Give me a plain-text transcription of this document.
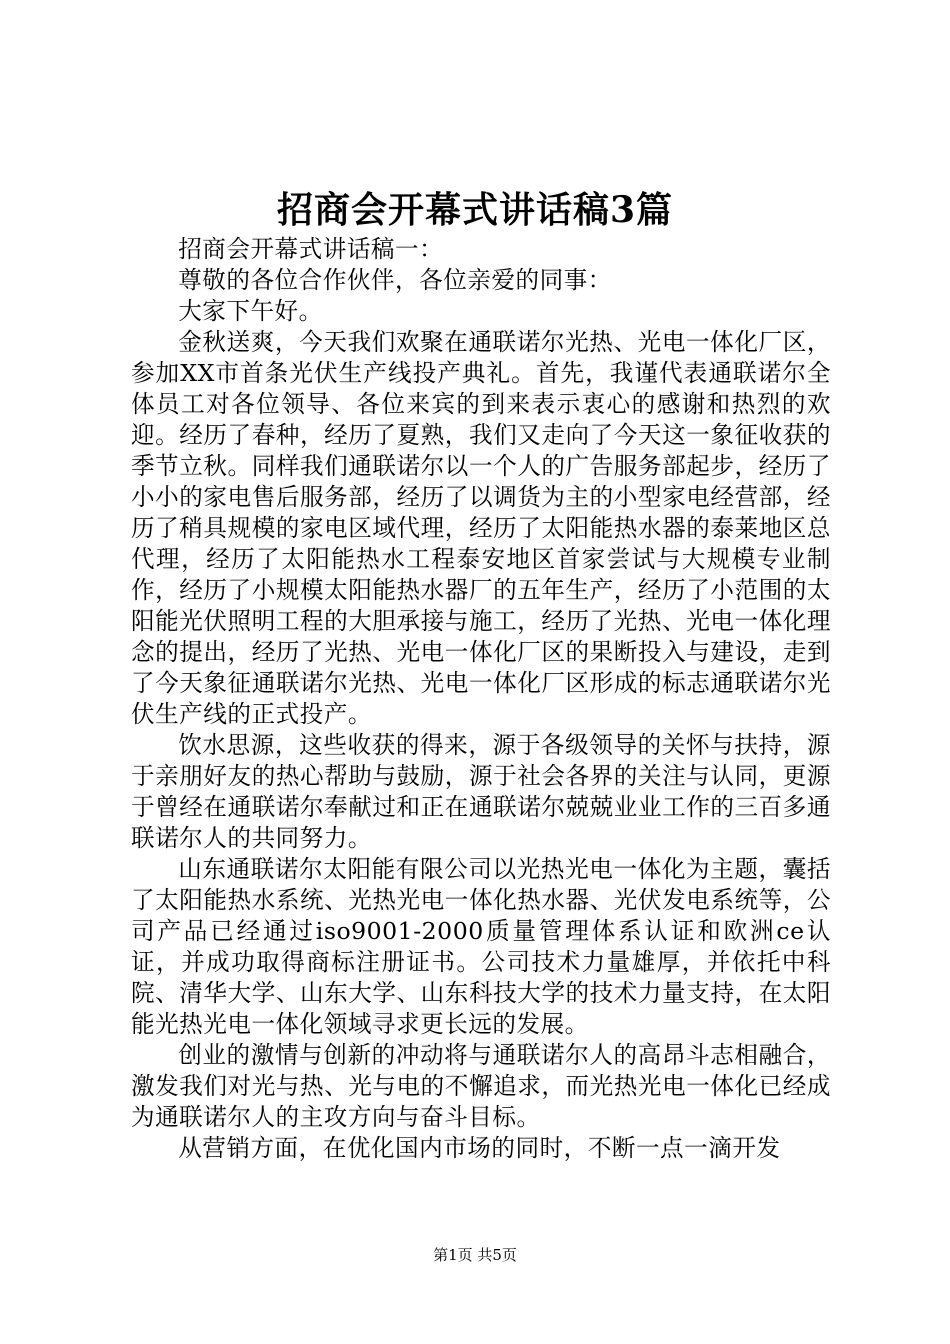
招商会开幕式讲话稿3篇

招商会开幕式讲话稿一：

尊敬的各位合作伙伴，各位亲爱的同事：

大家下午好。

金秋送爽，今天我们欢聚在通联诺尔光热、光电一体化厂区，参加XX市首条光伏生产线投产典礼。首先，我谨代表通联诺尔全体员工对各位领导、各位来宾的到来表示衷心的感谢和热烈的欢迎。经历了春种，经历了夏熟，我们又走向了今天这一象征收获的季节立秋。同样我们通联诺尔以一个人的广告服务部起步，经历了小小的家电售后服务部，经历了以调货为主的小型家电经营部，经历了稍具规模的家电区域代理，经历了太阳能热水器的泰莱地区总代理，经历了太阳能热水工程泰安地区首家尝试与大规模专业制作，经历了小规模太阳能热水器厂的五年生产，经历了小范围的太阳能光伏照明工程的大胆承接与施工，经历了光热、光电一体化理念的提出，经历了光热、光电一体化厂区的果断投入与建设，走到了今天象征通联诺尔光热、光电一体化厂区形成的标志通联诺尔光伏生产线的正式投产。

饮水思源，这些收获的得来，源于各级领导的关怀与扶持，源于亲朋好友的热心帮助与鼓励，源于社会各界的关注与认同，更源于曾经在通联诺尔奉献过和正在通联诺尔兢兢业业工作的三百多通联诺尔人的共同努力。

山东通联诺尔太阳能有限公司以光热光电一体化为主题，囊括了太阳能热水系统、光热光电一体化热水器、光伏发电系统等，公司产品已经通过iso9001-2000质量管理体系认证和欧洲ce认证，并成功取得商标注册证书。公司技术力量雄厚，并依托中科院、清华大学、山东大学、山东科技大学的技术力量支持，在太阳能光热光电一体化领域寻求更长远的发展。

创业的激情与创新的冲动将与通联诺尔人的高昂斗志相融合，激发我们对光与热、光与电的不懈追求，而光热光电一体化已经成为通联诺尔人的主攻方向与奋斗目标。

从营销方面，在优化国内市场的同时，不断一点一滴开发

第1页 共5页
